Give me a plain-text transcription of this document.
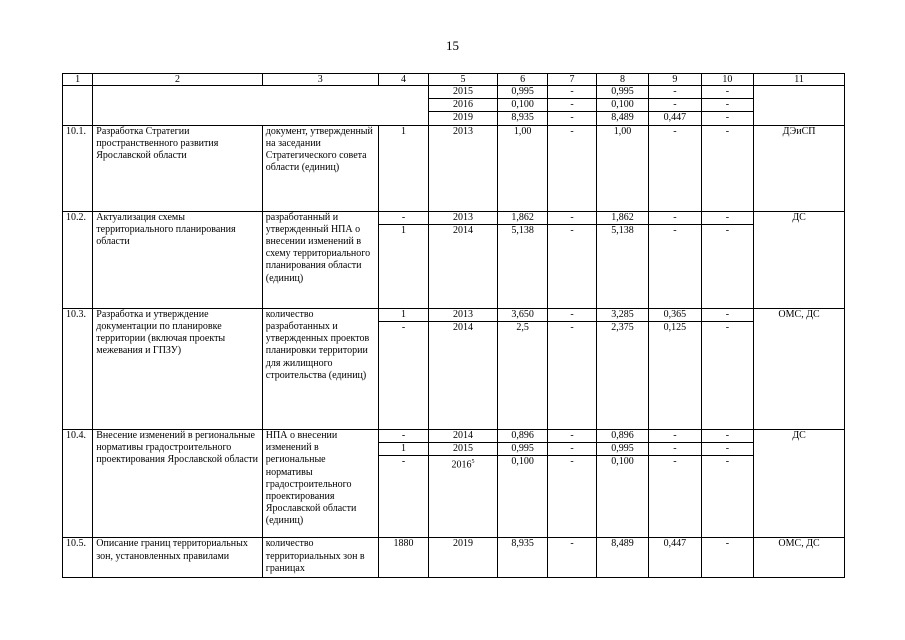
15
1	2	3	4	5	6	7	8	9	10	11
				2015	0,995	-	0,995	-	-	
				2016	0,100	-	0,100	-	-	
				2019	8,935	-	8,489	0,447	-	
10.1.	Разработка Стратегии пространственного развития Ярославской области	документ, утвержденный на заседании Стратегического совета области (единиц)	1	2013	1,00	-	1,00	-	-	ДЭиСП
10.2.	Актуализация схемы территориального планирования области	разработанный и утвержденный НПА о внесении изменений в схему территориального планирования области (единиц)	-	2013	1,862	-	1,862	-	-	ДС
			1	2014	5,138	-	5,138	-	-	
10.3.	Разработка и утверждение документации по планировке территории (включая проекты межевания и ГПЗУ)	количество разработанных и утвержденных проектов планировки территории для жилищного строительства (единиц)	1	2013	3,650	-	3,285	0,365	-	ОМС, ДС
			-	2014	2,5	-	2,375	0,125	-	
10.4.	Внесение изменений в региональные нормативы градостроительного проектирования Ярославской области	НПА о внесении изменений в региональные нормативы градостроительного проектирования Ярославской области (единиц)	-	2014	0,896	-	0,896	-	-	ДС
			1	2015	0,995	-	0,995	-	-	
			-	2016$^5$	0,100	-	0,100	-	-	
10.5.	Описание границ территориальных зон, установленных правилами	количество территориальных зон в границах	1880	2019	8,935	-	8,489	0,447	-	ОМС, ДС
